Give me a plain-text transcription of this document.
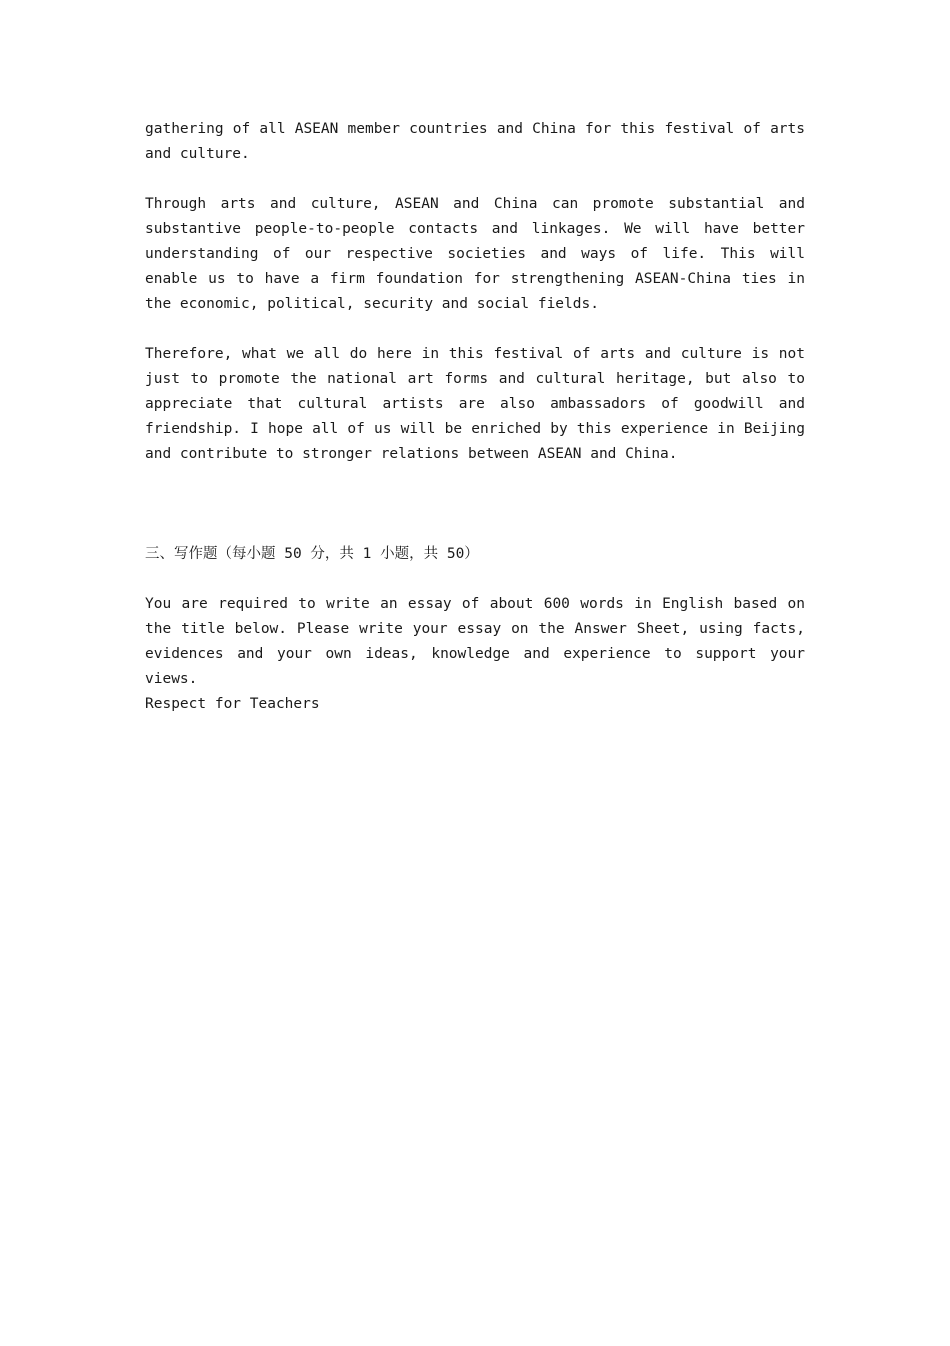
gathering of all ASEAN member countries and China for this festival of arts and culture.

Through arts and culture, ASEAN and China can promote substantial and substantive people-to-people contacts and linkages. We will have better understanding of our respective societies and ways of life. This will enable us to have a firm foundation for strengthening ASEAN-China ties in the economic, political, security and social fields.

Therefore, what we all do here in this festival of arts and culture is not just to promote the national art forms and cultural heritage, but also to appreciate that cultural artists are also ambassadors of goodwill and friendship. I hope all of us will be enriched by this experience in Beijing and contribute to stronger relations between ASEAN and China.

三、写作题（每小题 50 分，共 1 小题，共 50）

You are required to write an essay of about 600 words in English based on the title below. Please write your essay on the Answer Sheet, using facts, evidences and your own ideas, knowledge and experience to support your views.

Respect for Teachers
